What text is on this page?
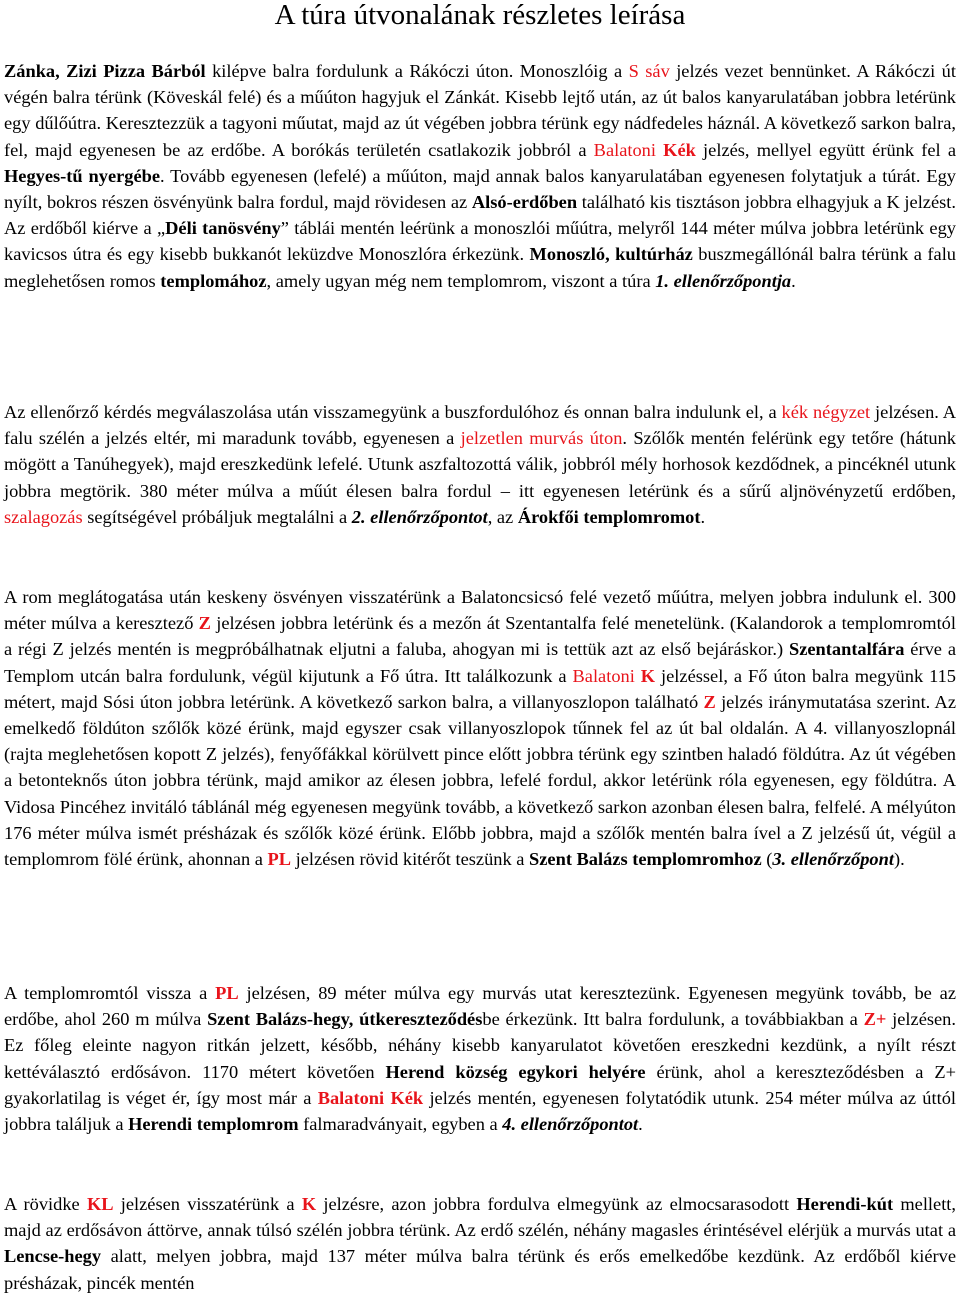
A túra útvonalának részletes leírása

Zánka, Zizi Pizza Bárból kilépve balra fordulunk a Rákóczi úton. Monoszlóig a S sáv jelzés vezet bennünket. A Rákóczi út végén balra térünk (Köveskál felé) és a műúton hagyjuk el Zánkát. Kisebb lejtő után, az út balos kanyarulatában jobbra letérünk egy dűlőútra. Keresztezzük a tagyoni műutat, majd az út végében jobbra térünk egy nádfedeles háznál. A következő sarkon balra, fel, majd egyenesen be az erdőbe. A borókás területén csatlakozik jobbról a Balatoni Kék jelzés, mellyel együtt érünk fel a Hegyes-tű nyergébe. Tovább egyenesen (lefelé) a műúton, majd annak balos kanyarulatában egyenesen folytatjuk a túrát. Egy nyílt, bokros részen ösvényünk balra fordul, majd rövidesen az Alsó-erdőben található kis tisztáson jobbra elhagyjuk a K jelzést. Az erdőből kiérve a „Déli tanösvény” táblái mentén leérünk a monoszlói műútra, melyről 144 méter múlva jobbra letérünk egy kavicsos útra és egy kisebb bukkanót leküzdve Monoszlóra érkezünk. Monoszló, kultúrház buszmegállónál balra térünk a falu meglehetősen romos templomához, amely ugyan még nem templomrom, viszont a túra 1. ellenőrzőpontja.

Az ellenőrző kérdés megválaszolása után visszamegyünk a buszfordulóhoz és onnan balra indulunk el, a kék négyzet jelzésen. A falu szélén a jelzés eltér, mi maradunk tovább, egyenesen a jelzetlen murvás úton. Szőlők mentén felérünk egy tetőre (hátunk mögött a Tanúhegyek), majd ereszkedünk lefelé. Utunk aszfaltozottá válik, jobbról mély horhosok kezdődnek, a pincéknél utunk jobbra megtörik. 380 méter múlva a műút élesen balra fordul – itt egyenesen letérünk és a sűrű aljnövényzetű erdőben, szalagozás segítségével próbáljuk megtalálni a 2. ellenőrzőpontot, az Árokfői templomromot.

A rom meglátogatása után keskeny ösvényen visszatérünk a Balatoncsicsó felé vezető műútra, melyen jobbra indulunk el. 300 méter múlva a keresztező Z jelzésen jobbra letérünk és a mezőn át Szentantalfa felé menetelünk. (Kalandorok a templomromtól a régi Z jelzés mentén is megpróbálhatnak eljutni a faluba, ahogyan mi is tettük azt az első bejáráskor.) Szentantalfára érve a Templom utcán balra fordulunk, végül kijutunk a Fő útra. Itt találkozunk a Balatoni K jelzéssel, a Fő úton balra megyünk 115 métert, majd Sósi úton jobbra letérünk. A következő sarkon balra, a villanyoszlopon található Z jelzés iránymutatása szerint. Az emelkedő földúton szőlők közé érünk, majd egyszer csak villanyoszlopok tűnnek fel az út bal oldalán. A 4. villanyoszlopnál (rajta meglehetősen kopott Z jelzés), fenyőfákkal körülvett pince előtt jobbra térünk egy szintben haladó földútra. Az út végében a betonteknős úton jobbra térünk, majd amikor az élesen jobbra, lefelé fordul, akkor letérünk róla egyenesen, egy földútra. A Vidosa Pincéhez invitáló táblánál még egyenesen megyünk tovább, a következő sarkon azonban élesen balra, felfelé. A mélyúton 176 méter múlva ismét présházak és szőlők közé érünk. Előbb jobbra, majd a szőlők mentén balra ível a Z jelzésű út, végül a templomrom fölé érünk, ahonnan a PL jelzésen rövid kitérőt teszünk a Szent Balázs templomromhoz (3. ellenőrzőpont).

A templomromtól vissza a PL jelzésen, 89 méter múlva egy murvás utat keresztezünk. Egyenesen megyünk tovább, be az erdőbe, ahol 260 m múlva Szent Balázs-hegy, útkereszteződésbe érkezünk. Itt balra fordulunk, a továbbiakban a Z+ jelzésen. Ez főleg eleinte nagyon ritkán jelzett, később, néhány kisebb kanyarulatot követően ereszkedni kezdünk, a nyílt részt kettéválasztó erdősávon. 1170 métert követően Herend község egykori helyére érünk, ahol a kereszteződésben a Z+ gyakorlatilag is véget ér, így most már a Balatoni Kék jelzés mentén, egyenesen folytatódik utunk. 254 méter múlva az úttól jobbra találjuk a Herendi templomrom falmaradványait, egyben a 4. ellenőrzőpontot.

A rövidke KL jelzésen visszatérünk a K jelzésre, azon jobbra fordulva elmegyünk az elmocsarasodott Herendi-kút mellett, majd az erdősávon áttörve, annak túlsó szélén jobbra térünk. Az erdő szélén, néhány magasles érintésével elérjük a murvás utat a Lencse-hegy alatt, melyen jobbra, majd 137 méter múlva balra térünk és erős emelkedőbe kezdünk. Az erdőből kiérve présházak, pincék mentén
